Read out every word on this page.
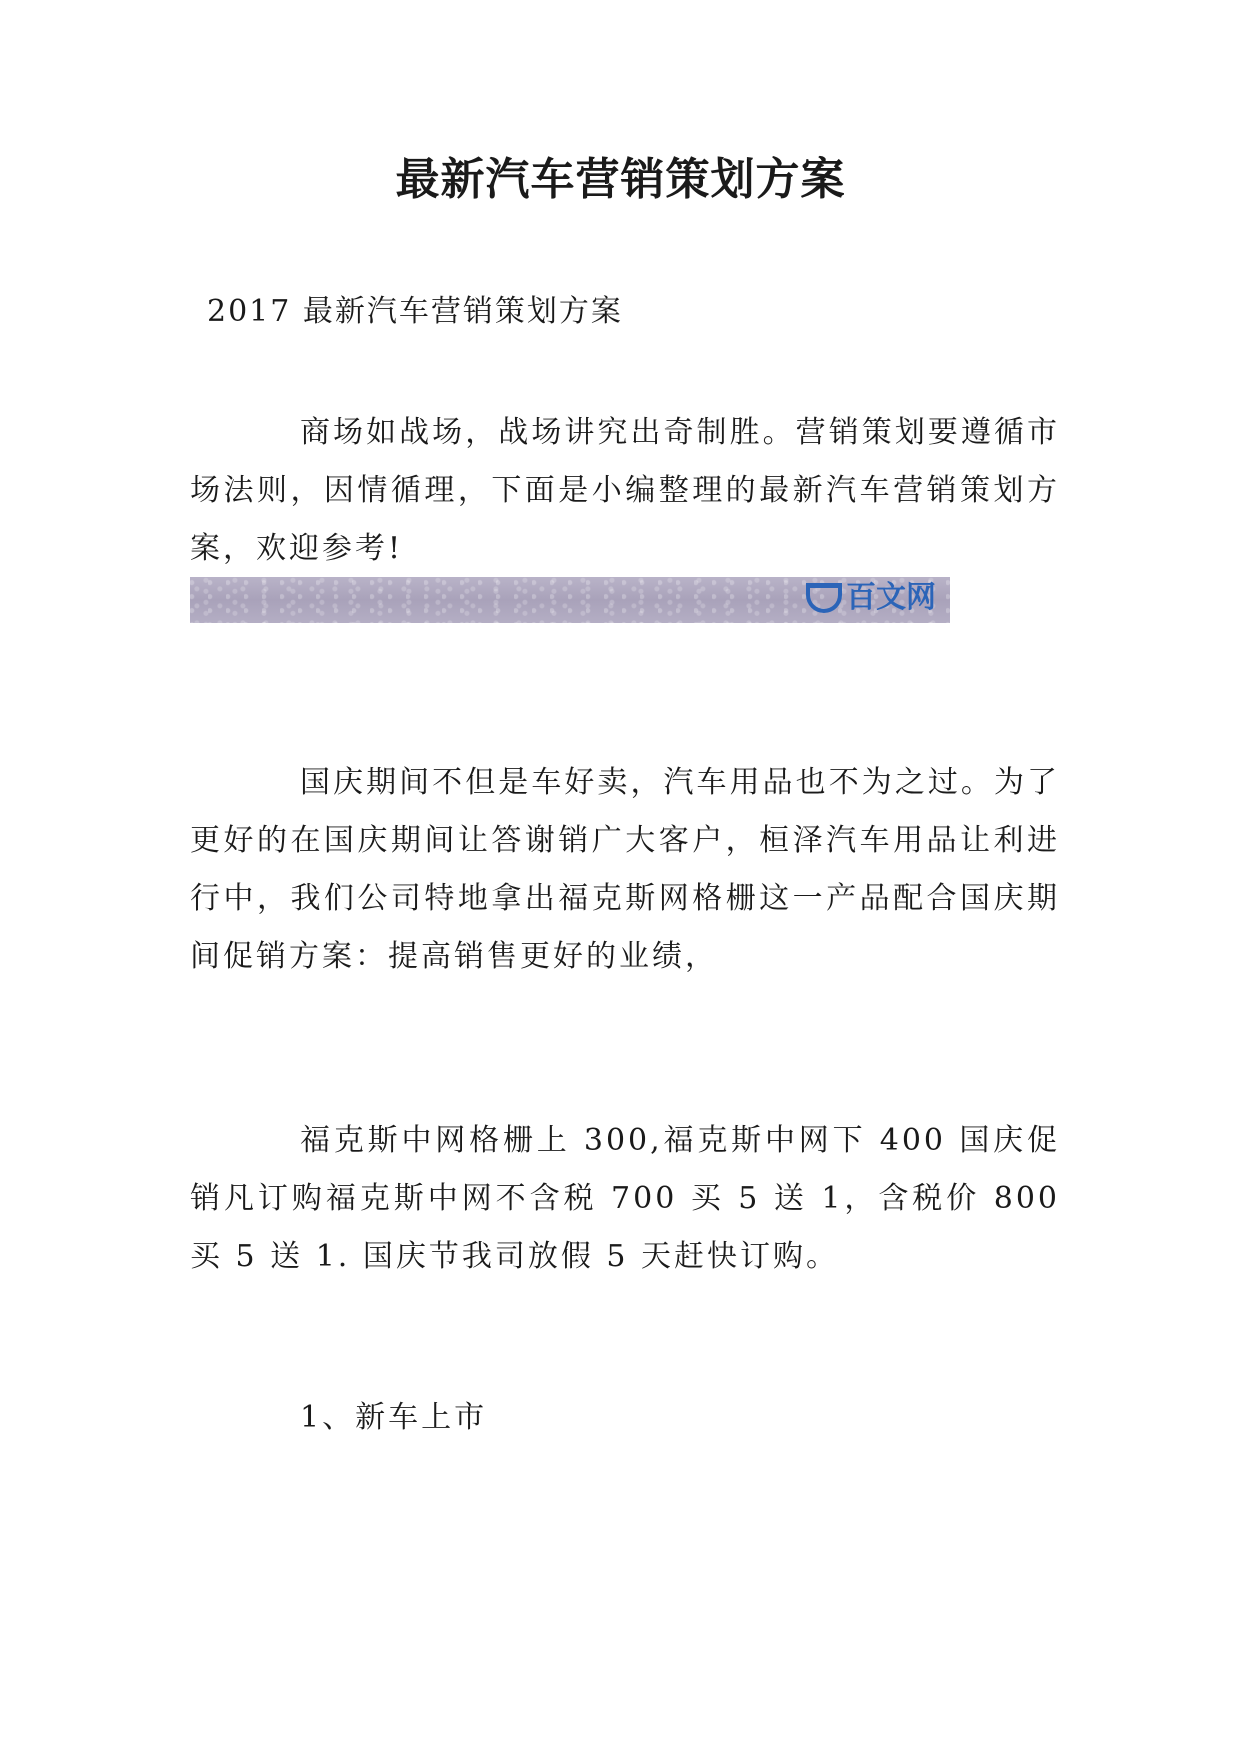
最新汽车营销策划方案

2017 最新汽车营销策划方案

商场如战场，战场讲究出奇制胜。营销策划要遵循市场法则，因情循理，下面是小编整理的最新汽车营销策划方案，欢迎参考!

百文网

国庆期间不但是车好卖，汽车用品也不为之过。为了更好的在国庆期间让答谢销广大客户，桓泽汽车用品让利进行中，我们公司特地拿出福克斯网格栅这一产品配合国庆期间促销方案：提高销售更好的业绩，

福克斯中网格栅上 300,福克斯中网下 400 国庆促销凡订购福克斯中网不含税 700 买 5 送 1，含税价 800 买 5 送 1. 国庆节我司放假 5 天赶快订购。

1、新车上市
